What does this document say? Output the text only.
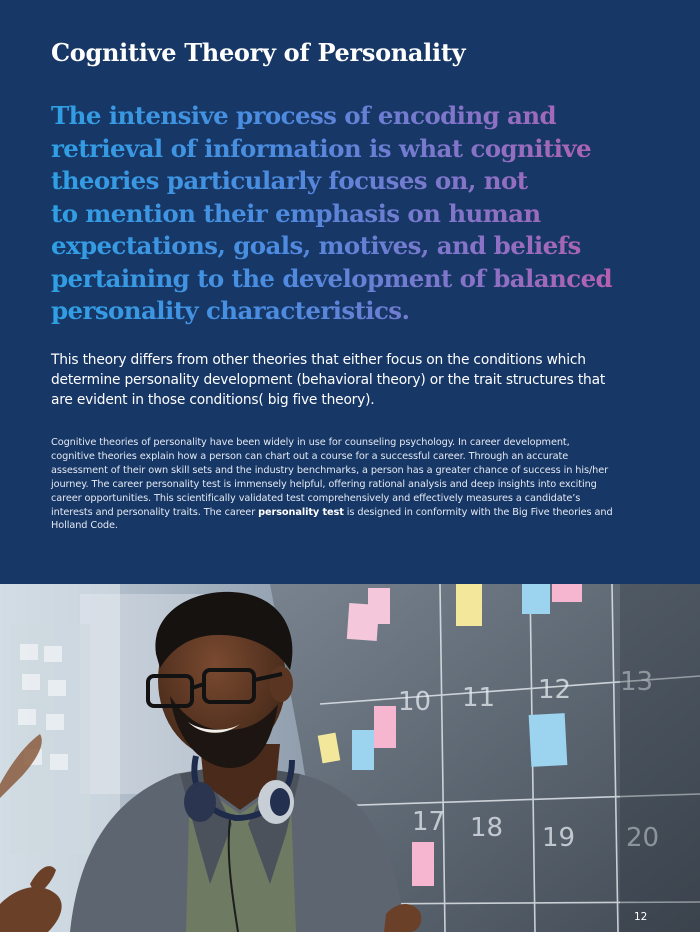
Cognitive Theory of Personality

The intensive process of encoding and
retrieval of information is what cognitive
theories particularly focuses on, not
to mention their emphasis on human
expectations, goals, motives, and beliefs
pertaining to the development of balanced
personality characteristics.

This theory differs from other theories that either focus on the conditions which
determine personality development (behavioral theory) or the trait structures that
are evident in those conditions( big five theory).

Cognitive theories of personality have been widely in use for counseling psychology. In career development,
cognitive theories explain how a person can chart out a course for a successful career. Through an accurate
assessment of their own skill sets and the industry benchmarks, a person has a greater chance of success in his/her
journey. The career personality test is immensely helpful, offering rational analysis and deep insights into exciting
career opportunities. This scientifically validated test comprehensively and effectively measures a candidate’s
interests and personality traits. The career personality test is designed in conformity with the Big Five theories and
Holland Code.

10 11 12 13
17 18 19 20
12
